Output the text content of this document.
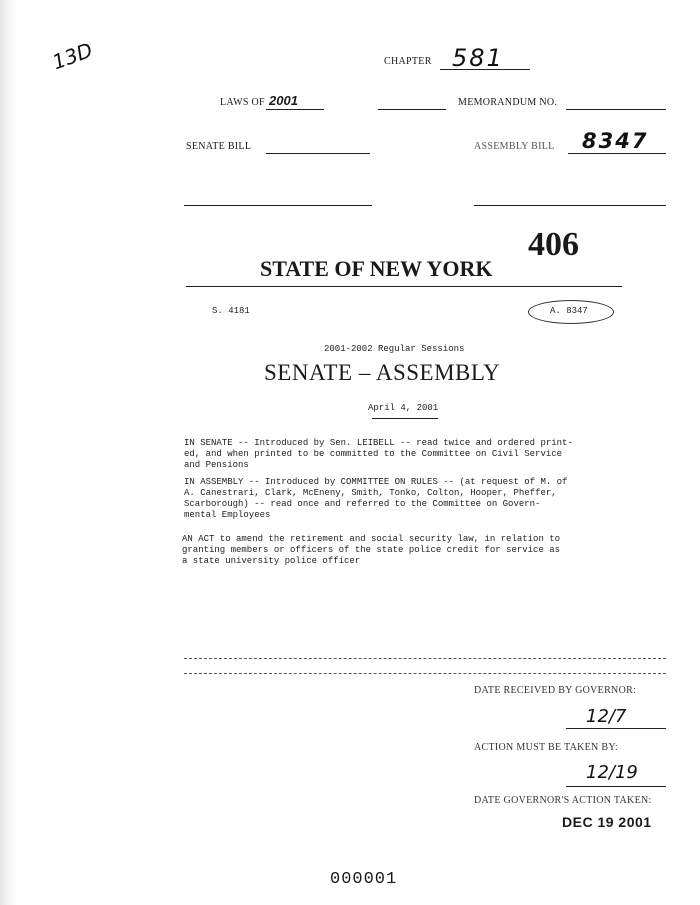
13D	CHAPTER 581
LAWS OF 2001	MEMORANDUM NO.
SENATE BILL	ASSEMBLY BILL 8347
406
STATE OF NEW YORK
S. 4181	A. 8347
2001-2002 Regular Sessions
SENATE – ASSEMBLY
April 4, 2001
IN SENATE -- Introduced by Sen. LEIBELL -- read twice and ordered print-
ed, and when printed to be committed to the Committee on Civil Service
and Pensions
IN ASSEMBLY -- Introduced by COMMITTEE ON RULES -- (at request of M. of
A. Canestrari, Clark, McEneny, Smith, Tonko, Colton, Hooper, Pheffer,
Scarborough) -- read once and referred to the Committee on Govern-
mental Employees
AN ACT to amend the retirement and social security law, in relation to
granting members or officers of the state police credit for service as
a state university police officer
DATE RECEIVED BY GOVERNOR:
12/7
ACTION MUST BE TAKEN BY:
12/19
DATE GOVERNOR'S ACTION TAKEN:
DEC 19 2001
000001
